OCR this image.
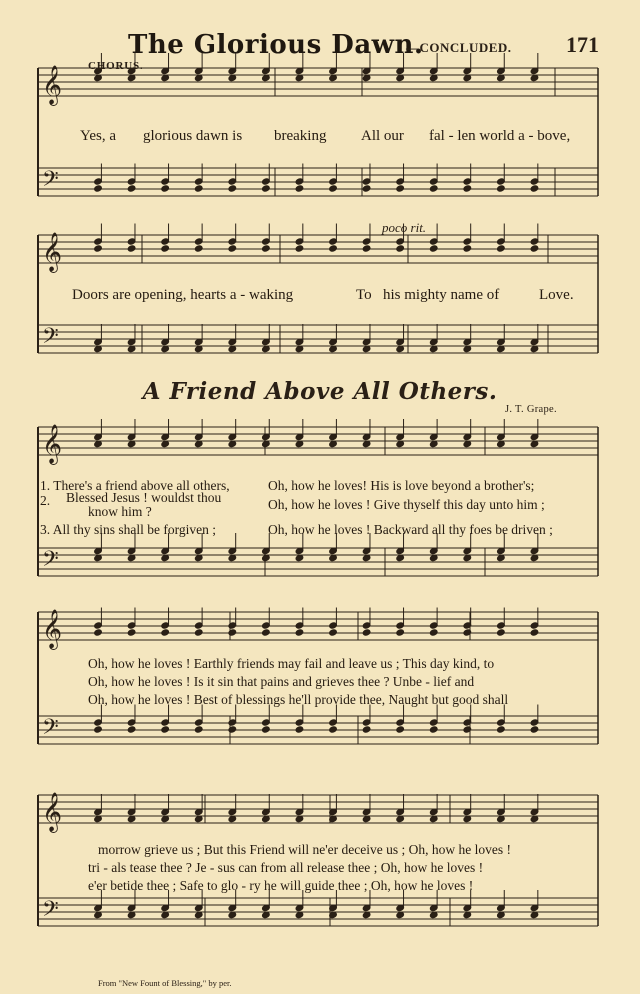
The Glorious Dawn.
—CONCLUDED. 171
𝄞
𝄢
𝄞
𝄢
𝄞
𝄢
𝄞
𝄢
𝄞
𝄢
CHORUS.
poco rit.
Yes, a glorious dawn is breaking All our fal - len world a - bove,
Doors are opening, hearts a - waking	To his mighty name of	Love.
A Friend Above All Others.
J. T. Grape.
1. There's a friend above all others,	Oh, how he loves! His is love beyond a brother's;
2. Blessed Jesus ! wouldst thou
know him ?	Oh, how he loves ! Give thyself this day unto him ;
3. All thy sins shall be forgiven ;	Oh, how he loves ! Backward all thy foes be driven ;
Oh, how he loves ! Earthly friends may fail and leave us ; This day kind, to
Oh, how he loves ! Is it sin that pains and grieves thee ? Unbe - lief and
Oh, how he loves ! Best of blessings he'll provide thee, Naught but good shall
morrow grieve us ; But this Friend will ne'er deceive us ; Oh, how he loves !
tri - als tease thee ? Je - sus can from all release thee ; Oh, how he loves !
e'er betide thee ; Safe to glo - ry he will guide thee ; Oh, how he loves !
From "New Fount of Blessing," by per.
